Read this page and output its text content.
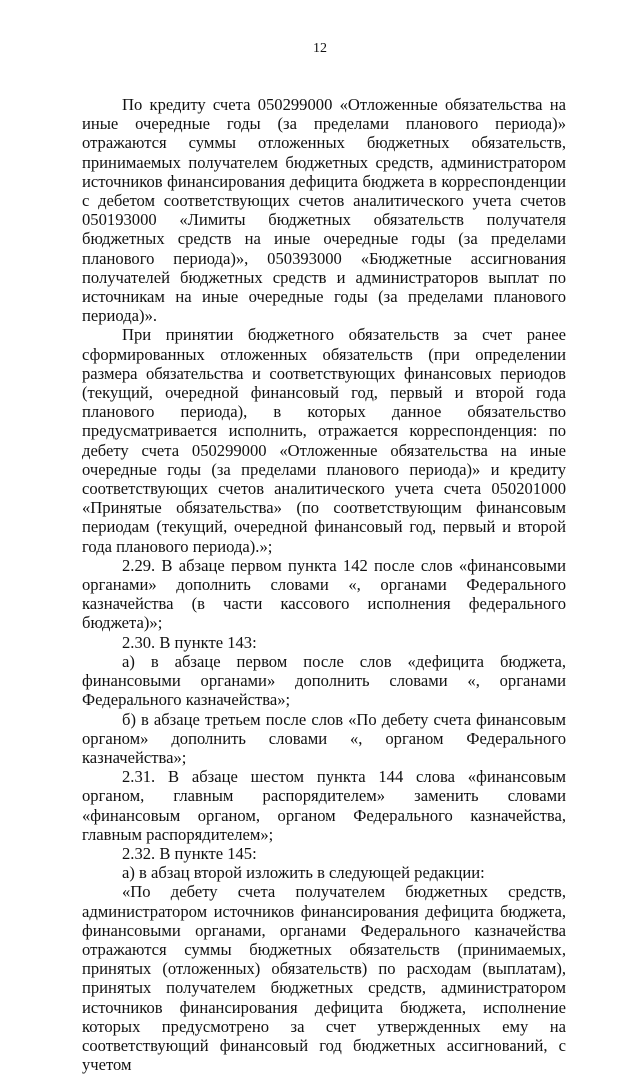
12

По кредиту счета 050299000 «Отложенные обязательства на иные очередные годы (за пределами планового периода)» отражаются суммы отложенных бюджетных обязательств, принимаемых получателем бюджетных средств, администратором источников финансирования дефицита бюджета в корреспонденции с дебетом соответствующих счетов аналитического учета счетов 050193000 «Лимиты бюджетных обязательств получателя бюджетных средств на иные очередные годы (за пределами планового периода)», 050393000 «Бюджетные ассигнования получателей бюджетных средств и администраторов выплат по источникам на иные очередные годы (за пределами планового периода)».

При принятии бюджетного обязательств за счет ранее сформированных отложенных обязательств (при определении размера обязательства и соответствующих финансовых периодов (текущий, очередной финансовый год, первый и второй года планового периода), в которых данное обязательство предусматривается исполнить, отражается корреспонденция: по дебету счета 050299000 «Отложенные обязательства на иные очередные годы (за пределами планового периода)» и кредиту соответствующих счетов аналитического учета счета 050201000 «Принятые обязательства» (по соответствующим финансовым периодам (текущий, очередной финансовый год, первый и второй года планового периода).»;

2.29. В абзаце первом пункта 142 после слов «финансовыми органами» дополнить словами «, органами Федерального казначейства (в части кассового исполнения федерального бюджета)»;

2.30. В пункте 143:

а) в абзаце первом после слов «дефицита бюджета, финансовыми органами» дополнить словами «, органами Федерального казначейства»;

б) в абзаце третьем после слов «По дебету счета финансовым органом» дополнить словами «, органом Федерального казначейства»;

2.31. В абзаце шестом пункта 144 слова «финансовым органом, главным распорядителем» заменить словами «финансовым органом, органом Федерального казначейства, главным распорядителем»;

2.32. В пункте 145:

а) в абзац второй изложить в следующей редакции:

«По дебету счета получателем бюджетных средств, администратором источников финансирования дефицита бюджета, финансовыми органами, органами Федерального казначейства отражаются суммы бюджетных обязательств (принимаемых, принятых (отложенных) обязательств) по расходам (выплатам), принятых получателем бюджетных средств, администратором источников финансирования дефицита бюджета, исполнение которых предусмотрено за счет утвержденных ему на соответствующий финансовый год бюджетных ассигнований, с учетом
